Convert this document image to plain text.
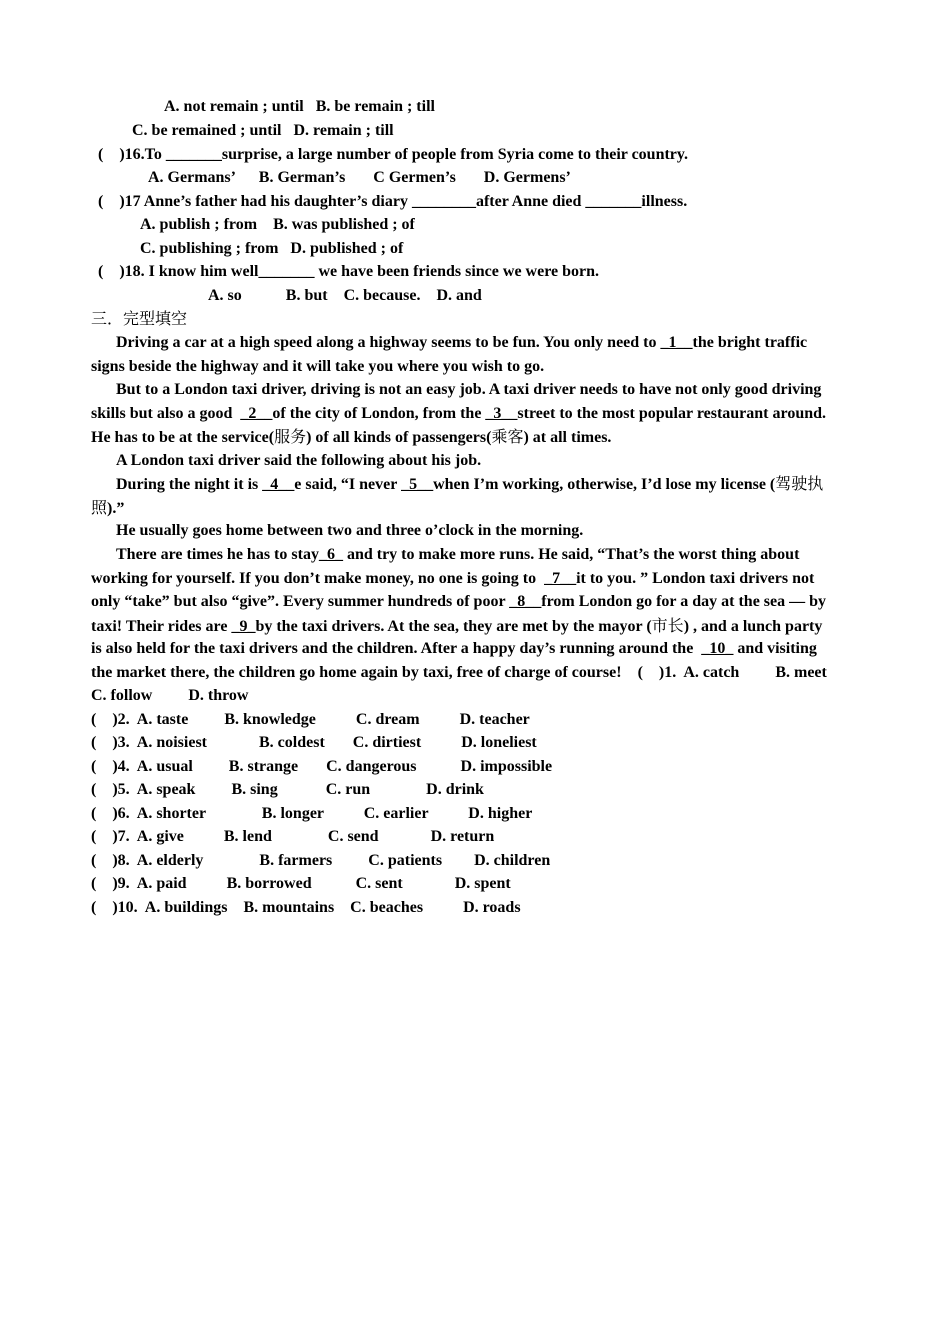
A. not remain ; until   B. be remain ; till
C. be remained ; until   D. remain ; till
(    )16.To _______surprise, a large number of people from Syria come to their country.
A. Germans’      B. German’s       C Germen’s       D. Germens’
(    )17 Anne’s father had his daughter’s diary ________after Anne died _______illness.
A. publish ; from    B. was published ; of
C. publishing ; from   D. published ; of
(    )18. I know him well_______ we have been friends since we were born.
A. so           B. but    C. because.    D. and
三．完型填空
Driving a car at a high speed along a highway seems to be fun. You only need to _1__the bright traffic
signs beside the highway and it will take you where you wish to go.
But to a London taxi driver, driving is not an easy job. A taxi driver needs to have not only good driving
skills but also a good  _2__of the city of London, from the _3__street to the most popular restaurant around.
He has to be at the service(服务) of all kinds of passengers(乘客) at all times.
A London taxi driver said the following about his job.
During the night it is _4__e said, “I never _5__when I’m working, otherwise, I’d lose my license (驾驶执
照).”
He usually goes home between two and three o’clock in the morning.
There are times he has to stay_6_ and try to make more runs. He said, “That’s the worst thing about
working for yourself. If you don’t make money, no one is going to  _7__it to you. ” London taxi drivers not
only “take” but also “give”. Every summer hundreds of poor _8__from London go for a day at the sea — by
taxi! Their rides are _9_by the taxi drivers. At the sea, they are met by the mayor (市长) , and a lunch party
is also held for the taxi drivers and the children. After a happy day’s running around the  _10_ and visiting
the market there, the children go home again by taxi, free of charge of course!    (    )1.  A. catch         B. meet
C. follow         D. throw
(    )2.  A. taste         B. knowledge          C. dream          D. teacher
(    )3.  A. noisiest             B. coldest       C. dirtiest          D. loneliest
(    )4.  A. usual         B. strange       C. dangerous           D. impossible
(    )5.  A. speak         B. sing            C. run              D. drink
(    )6.  A. shorter              B. longer          C. earlier          D. higher
(    )7.  A. give          B. lend              C. send             D. return
(    )8.  A. elderly              B. farmers         C. patients        D. children
(    )9.  A. paid          B. borrowed           C. sent             D. spent
(    )10.  A. buildings    B. mountains    C. beaches          D. roads
